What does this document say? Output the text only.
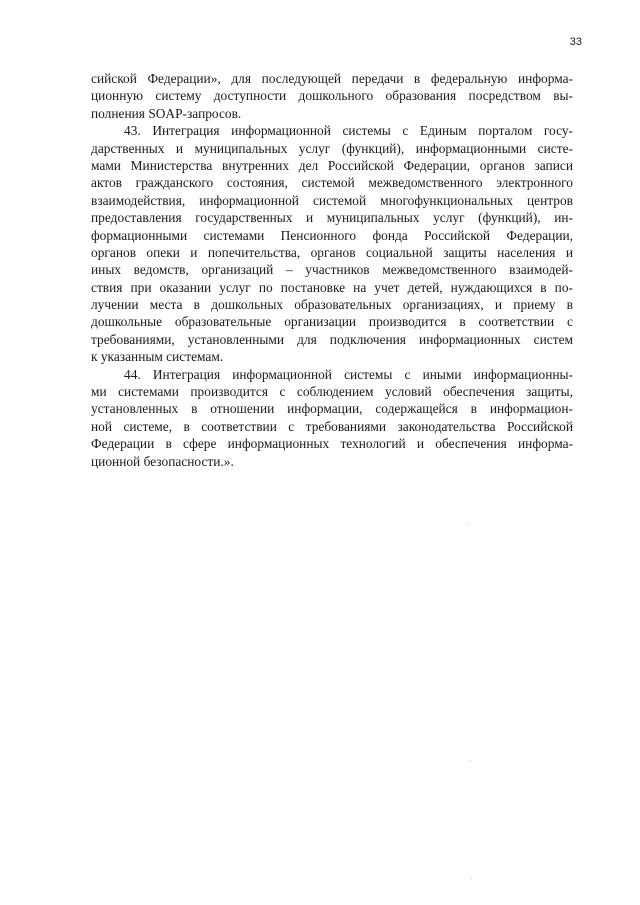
33
сийской Федерации», для последующей передачи в федеральную информа-
ционную систему доступности дошкольного образования посредством вы-
полнения SOAP-запросов.
43. Интеграция информационной системы с Единым порталом госу-
дарственных и муниципальных услуг (функций), информационными систе-
мами Министерства внутренних дел Российской Федерации, органов записи
актов гражданского состояния, системой межведомственного электронного
взаимодействия, информационной системой многофункциональных центров
предоставления государственных и муниципальных услуг (функций), ин-
формационными системами Пенсионного фонда Российской Федерации,
органов опеки и попечительства, органов социальной защиты населения и
иных ведомств, организаций – участников межведомственного взаимодей-
ствия при оказании услуг по постановке на учет детей, нуждающихся в по-
лучении места в дошкольных образовательных организациях, и приему в
дошкольные образовательные организации производится в соответствии с
требованиями, установленными для подключения информационных систем
к указанным системам.
44. Интеграция информационной системы с иными информационны-
ми системами производится с соблюдением условий обеспечения защиты,
установленных в отношении информации, содержащейся в информацион-
ной системе, в соответствии с требованиями законодательства Российской
Федерации в сфере информационных технологий и обеспечения информа-
ционной безопасности.».
